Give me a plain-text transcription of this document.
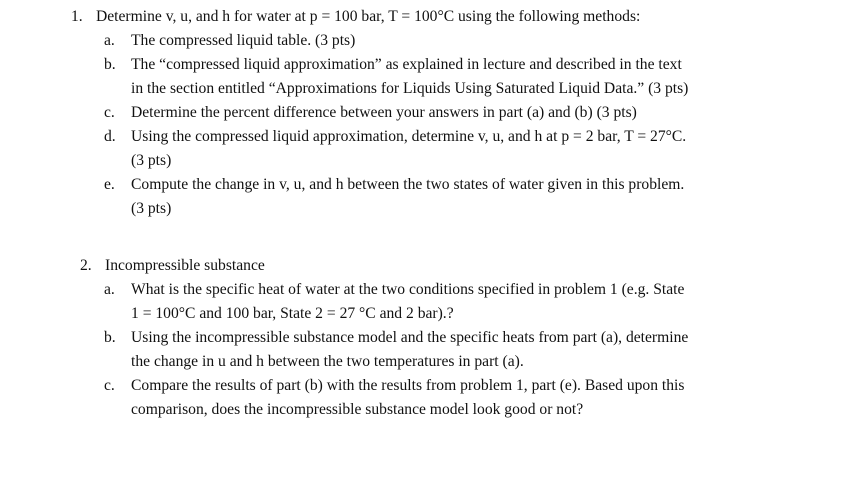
1. Determine v, u, and h for water at p = 100 bar, T = 100°C using the following methods:
a. The compressed liquid table. (3 pts)
b. The “compressed liquid approximation” as explained in lecture and described in the text
in the section entitled “Approximations for Liquids Using Saturated Liquid Data.” (3 pts)
c. Determine the percent difference between your answers in part (a) and (b) (3 pts)
d. Using the compressed liquid approximation, determine v, u, and h at p = 2 bar, T = 27°C.
(3 pts)
e. Compute the change in v, u, and h between the two states of water given in this problem.
(3 pts)
2. Incompressible substance
a. What is the specific heat of water at the two conditions specified in problem 1 (e.g. State
1 = 100°C and 100 bar, State 2 = 27 °C and 2 bar).?
b. Using the incompressible substance model and the specific heats from part (a), determine
the change in u and h between the two temperatures in part (a).
c. Compare the results of part (b) with the results from problem 1, part (e). Based upon this
comparison, does the incompressible substance model look good or not?
